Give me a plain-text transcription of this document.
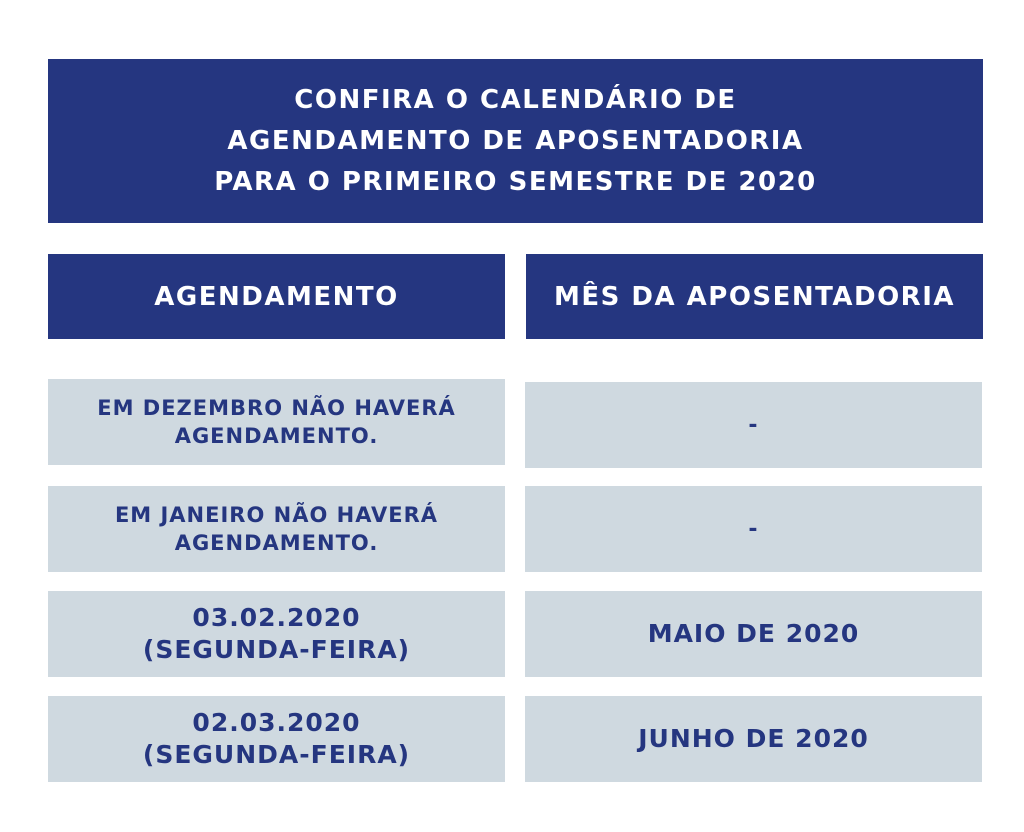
CONFIRA O CALENDÁRIO DE
AGENDAMENTO DE APOSENTADORIA
PARA O PRIMEIRO SEMESTRE DE 2020
AGENDAMENTO	MÊS DA APOSENTADORIA
EM DEZEMBRO NÃO HAVERÁ
AGENDAMENTO.	-
EM JANEIRO NÃO HAVERÁ
AGENDAMENTO.
-
03.02.2020
(SEGUNDA-FEIRA)
MAIO DE 2020
02.03.2020
(SEGUNDA-FEIRA)
JUNHO DE 2020
